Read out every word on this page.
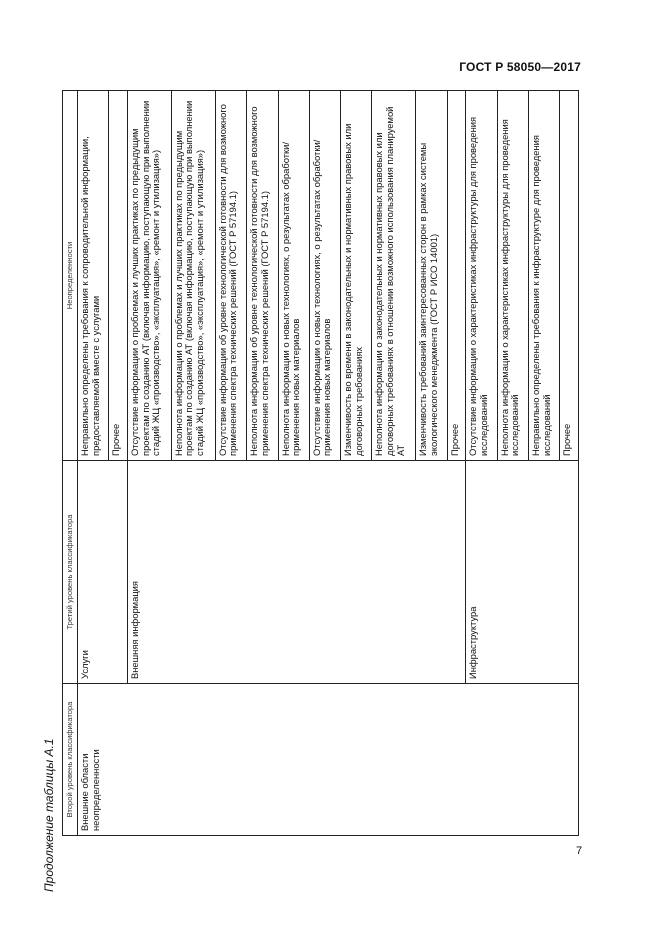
ГОСТ Р 58050—2017
Продолжение таблицы А.1 Второй уровень классификатора	Третий уровень классификатора	Неопределенности
Внешние области неопределенности	Услуги	Неправильно определены требования к сопроводительной информации, предоставляемой вместе с услугами
		Прочее
	Внешняя информация	Отсутствие информации о проблемах и лучших практиках по предыдущим проектам по созданию АТ (включая информацию, поступающую при выполнении стадий ЖЦ «производство», «эксплуатация», «ремонт и утилизация»)
		Неполнота информации о проблемах и лучших практиках по предыдущим проектам по созданию АТ (включая информацию, поступающую при выполнении стадий ЖЦ «производство», «эксплуатация», «ремонт и утилизация»)
		Отсутствие информации об уровне технологической готовности для возможного применения спектра технических решений (ГОСТ Р 57194.1)
		Неполнота информации об уровне технологической готовности для возможного применения спектра технических решений (ГОСТ Р 57194.1)
		Неполнота информации о новых технологиях, о результатах обработки/применения новых материалов
		Отсутствие информации о новых технологиях, о результатах обработки/применения новых материалов
		Изменчивость во времени в законодательных и нормативных правовых или договорных требованиях
		Неполнота информации о законодательных и нормативных правовых или договорных требованиях в отношении возможного использования планируемой АТ
		Изменчивость требований заинтересованных сторон в рамках системы экологического менеджмента (ГОСТ Р ИСО 14001)
		Прочее
	Инфраструктура	Отсутствие информации о характеристиках инфраструктуры для проведения исследований
		Неполнота информации о характеристиках инфраструктуры для проведения исследований
		Неправильно определены требования к инфраструктуре для проведения исследований
		Прочее
7
